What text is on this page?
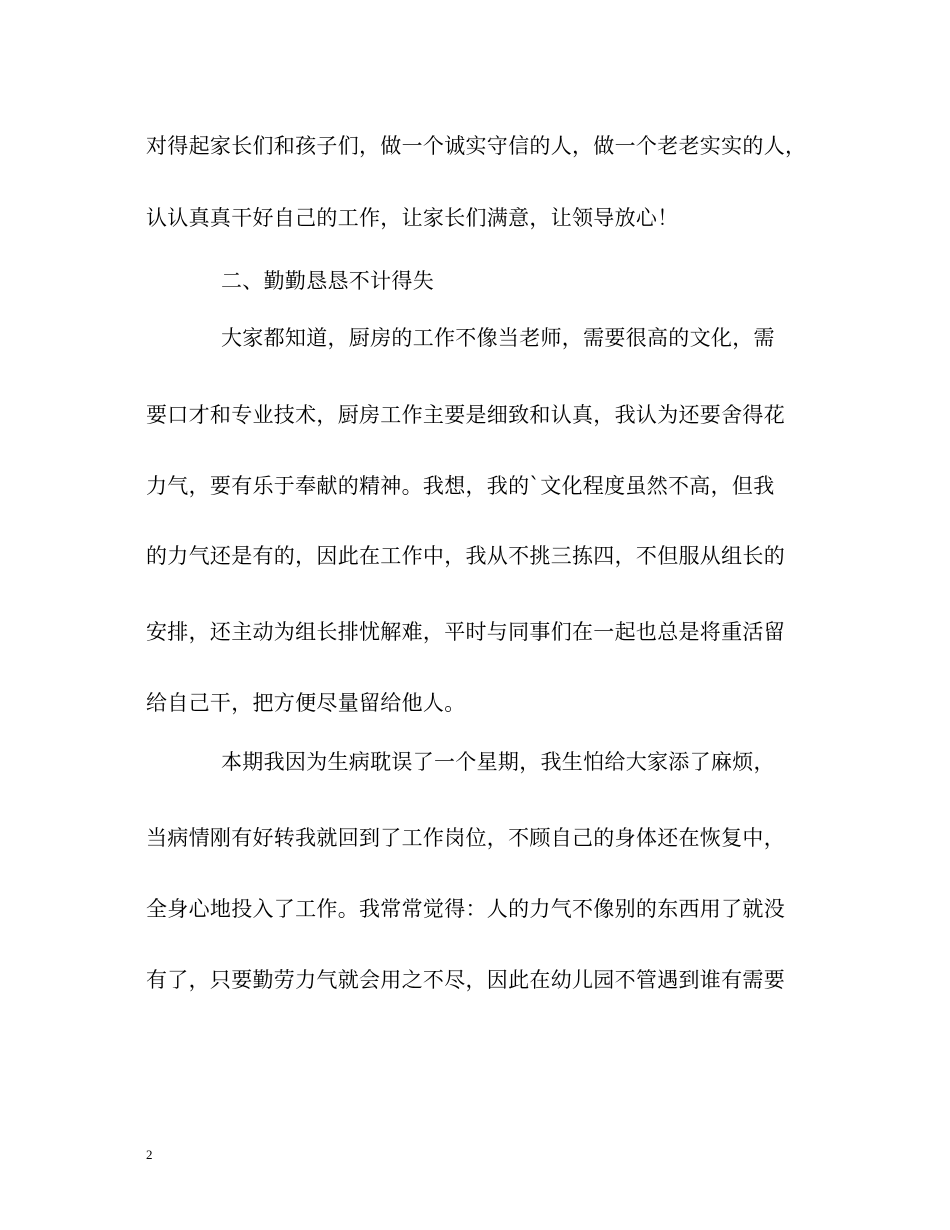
对得起家长们和孩子们，做一个诚实守信的人，做一个老老实实的人，
认认真真干好自己的工作，让家长们满意，让领导放心！
二、勤勤恳恳不计得失
大家都知道，厨房的工作不像当老师，需要很高的文化，需
要口才和专业技术，厨房工作主要是细致和认真，我认为还要舍得花
力气，要有乐于奉献的精神。我想，我的`文化程度虽然不高，但我
的力气还是有的，因此在工作中，我从不挑三拣四，不但服从组长的
安排，还主动为组长排忧解难，平时与同事们在一起也总是将重活留
给自己干，把方便尽量留给他人。
本期我因为生病耽误了一个星期，我生怕给大家添了麻烦，
当病情刚有好转我就回到了工作岗位，不顾自己的身体还在恢复中，
全身心地投入了工作。我常常觉得：人的力气不像别的东西用了就没
有了，只要勤劳力气就会用之不尽，因此在幼儿园不管遇到谁有需要
2
